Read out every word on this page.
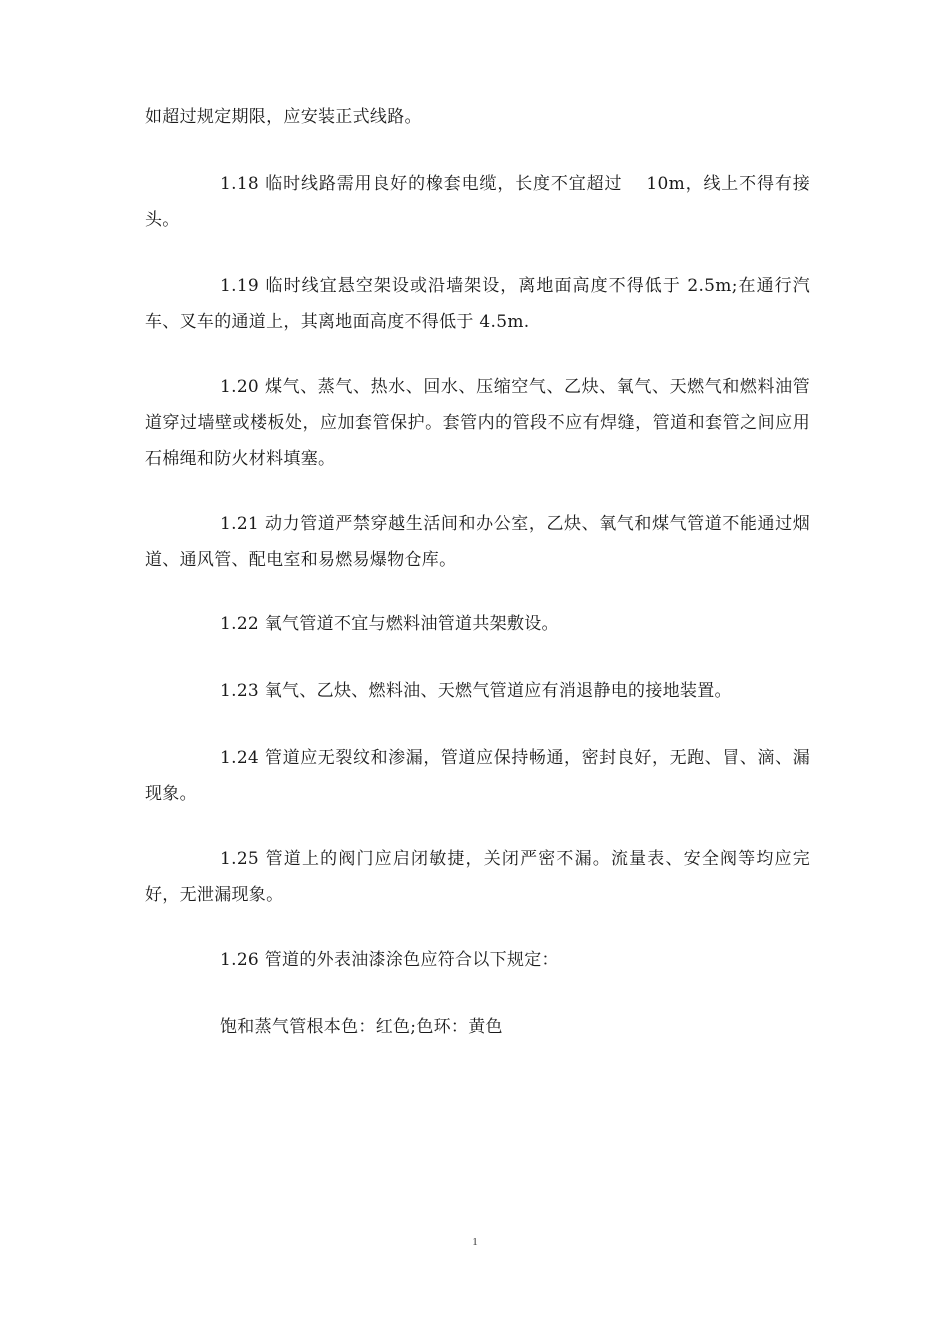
如超过规定期限，应安装正式线路。

1.18 临时线路需用良好的橡套电缆，长度不宜超过　 10m，线上不得有接头。

1.19 临时线宜悬空架设或沿墙架设，离地面高度不得低于 2.5m;在通行汽车、叉车的通道上，其离地面高度不得低于 4.5m.

1.20 煤气、蒸气、热水、回水、压缩空气、乙炔、氧气、天燃气和燃料油管道穿过墙壁或楼板处，应加套管保护。套管内的管段不应有焊缝，管道和套管之间应用石棉绳和防火材料填塞。

1.21 动力管道严禁穿越生活间和办公室，乙炔、氧气和煤气管道不能通过烟道、通风管、配电室和易燃易爆物仓库。

1.22 氧气管道不宜与燃料油管道共架敷设。

1.23 氧气、乙炔、燃料油、天燃气管道应有消退静电的接地装置。

1.24 管道应无裂纹和渗漏，管道应保持畅通，密封良好，无跑、冒、滴、漏现象。

1.25 管道上的阀门应启闭敏捷，关闭严密不漏。流量表、安全阀等均应完好，无泄漏现象。

1.26 管道的外表油漆涂色应符合以下规定：

饱和蒸气管根本色：红色;色环：黄色

1
